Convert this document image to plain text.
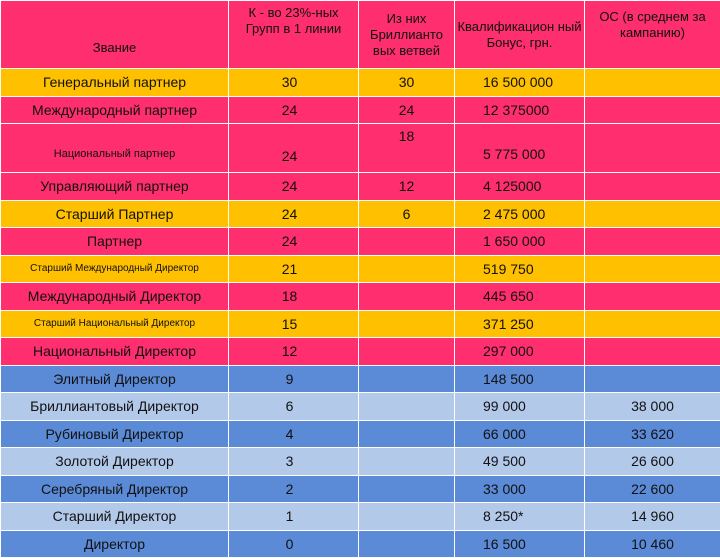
Звание	К - во 23%-ных Групп в 1 линии	Из них Бриллианто вых ветвей	Квалификацион ный Бонус, грн.	ОС (в среднем за кампанию)
Генеральный партнер	30	30	16 500 000	
Международный партнер	24	24	12 375000	
Национальный партнер	24	18	5 775 000	
Управляющий партнер	24	12	4 125000	
Старший Партнер	24	6	2 475 000	
Партнер	24		1 650 000	
Старший Международный Директор	21		519 750	
Международный Директор	18		445 650	
Старший Национальный Директор	15		371 250	
Национальный Директор	12		297 000	
Элитный Директор	9		148 500	
Бриллиантовый Директор	6		99 000	38 000
Рубиновый Директор	4		66 000	33 620
Золотой Директор	3		49 500	26 600
Серебряный Директор	2		33 000	22 600
Старший Директор	1		8 250*	14 960
Директор	0		16 500	10 460
